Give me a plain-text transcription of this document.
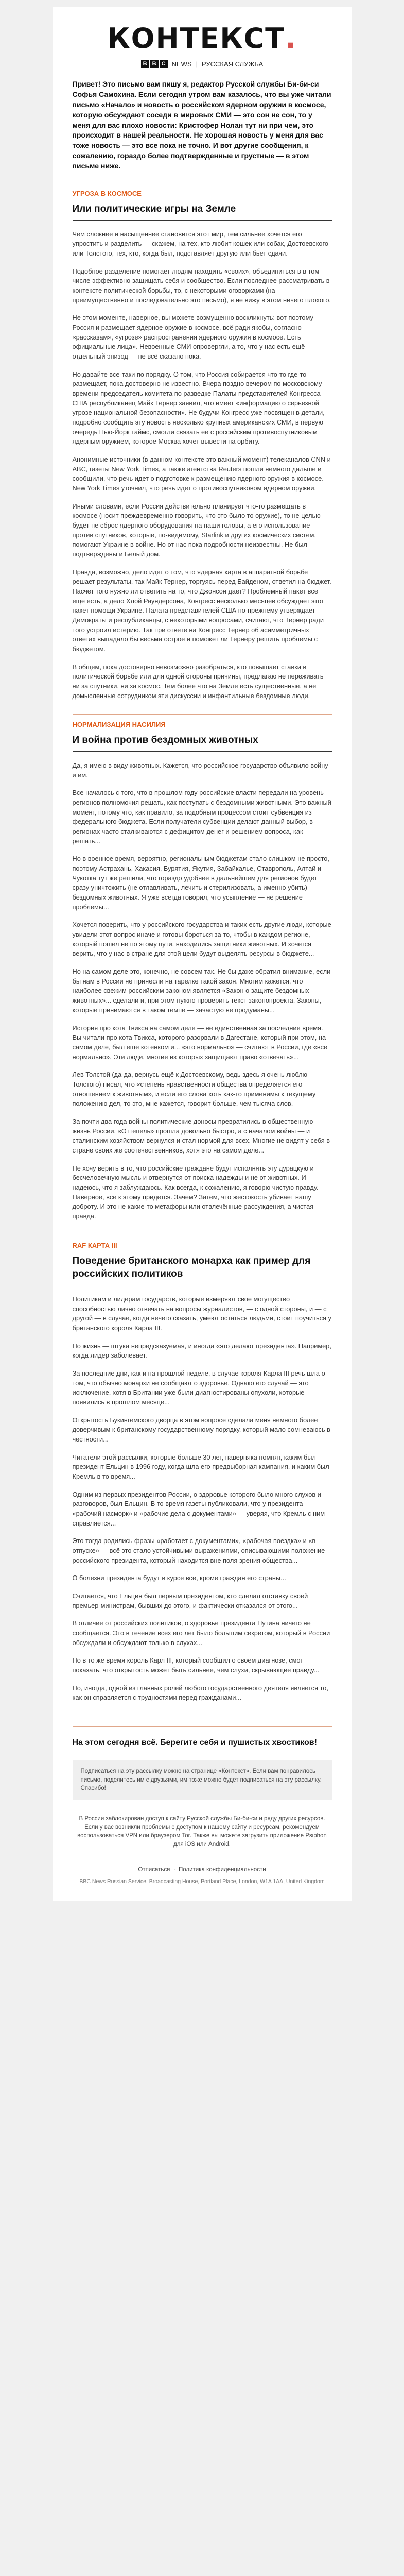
КОНТЕКСТ.
B B C NEWS | РУССКАЯ СЛУЖБА

Привет! Это письмо вам пишу я, редактор Русской службы Би-би-си Софья Самохина. Если сегодня утром вам казалось, что вы уже читали письмо «Начало» и новость о российском ядерном оружии в космосе, которую обсуждают соседи в мировых СМИ — это сон не сон, то у меня для вас плохо новости: Кристофер Нолан тут ни при чем, это происходит в нашей реальности. Не хорошая новость у меня для вас тоже новость — это все пока не точно. И вот другие сообщения, к сожалению, гораздо более подтвержденные и грустные — в этом письме ниже.

УГРОЗА В КОСМОСЕ
Или политические игры на Земле

Чем сложнее и насыщеннее становится этот мир, тем сильнее хочется его упростить и разделить — скажем, на тех, кто любит кошек или собак, Достоевского или Толстого, тех, кто, когда был, подставляет другую или бьет сдачи.

Подобное разделение помогает людям находить «своих», объединиться в в том числе эффективно защищать себя и сообщество. Если последнее рассматривать в контексте политической борьбы, то, с некоторыми оговорками (на преимущественно и последовательно это письмо), я не вижу в этом ничего плохого.

Не этом моменте, наверное, вы можете возмущенно воскликнуть: вот поэтому Россия и размещает ядерное оружие в космосе, всё ради якобы, согласно «рассказам», «угрозе» распространения ядерного оружия в космосе. Есть официальные лица». Невоенные СМИ опровергли, а то, что у нас есть ещё отдельный эпизод — не всё сказано пока.

Но давайте все-таки по порядку. О том, что Россия собирается что-то где-то размещает, пока достоверно не известно. Вчера поздно вечером по московскому времени председатель комитета по разведке Палаты представителей Конгресса США республиканец Майк Тернер заявил, что имеет «информацию о серьезной угрозе национальной безопасности». Не будучи Конгресс уже посвящен в детали, подробно сообщить эту новость несколько крупных американских СМИ, в первую очередь Нью-Йорк таймс, смогли связать ее с российским противоспутниковым ядерным оружием, которое Москва хочет вывести на орбиту.

Анонимные источники (в данном контексте это важный момент) телеканалов CNN и ABC, газеты New York Times, а также агентства Reuters пошли немного дальше и сообщили, что речь идет о подготовке к размещению ядерного оружия в космосе. New York Times уточнил, что речь идет о противоспутниковом ядерном оружии.

Иными словами, если Россия действительно планирует что-то размещать в космосе (носит преждевременно говорить, что это было то оружие), то не целью будет не сброс ядерного оборудования на наши головы, а его использование против спутников, которые, по-видимому, Starlink и других космических систем, помогают Украине в войне. Но от нас пока подробности неизвестны. Не был подтверждены и Белый дом.

Правда, возможно, дело идет о том, что ядерная карта в аппаратной борьбе решает результаты, так Майк Тернер, торгуясь перед Байденом, ответил на бюджет. Насчет того нужно ли ответить на то, что Джонсон дает? Проблемный пакет все еще есть, а дело Хлой Раундерсона, Конгресс несколько месяцев обсуждает этот пакет помощи Украине. Палата представителей США по-прежнему утверждает — Демократы и республиканцы, с некоторыми вопросами, считают, что Тернер ради того устроил истерию. Так при ответе на Конгресс Тернер об асимметричных ответах выпадало бы весьма острое и поможет ли Тернеру решить проблемы с бюджетом.

В общем, пока достоверно невозможно разобраться, кто повышает ставки в политической борьбе или для одной стороны причины, предлагаю не переживать ни за спутники, ни за космос. Тем более что на Земле есть существенные, а не домысленные сотрудником эти дискуссии и инфантильные бездомные люди.

НОРМАЛИЗАЦИЯ НАСИЛИЯ
И война против бездомных животных

Да, я имею в виду животных. Кажется, что российское государство объявило войну и им.

Все началось с того, что в прошлом году российские власти передали на уровень регионов полномочия решать, как поступать с бездомными животными. Это важный момент, потому что, как правило, за подобным процессом стоит субвенция из федерального бюджета. Если получатели субвенции делают данный выбор, в регионах часто сталкиваются с дефицитом денег и решением вопроса, как решать...

Но в военное время, вероятно, региональным бюджетам стало слишком не просто, поэтому Астрахань, Хакасия, Бурятия, Якутия, Забайкалье, Ставрополь, Алтай и Чукотка тут же решили, что гораздо удобнее в дальнейшем для регионов будет сразу уничтожить (не отлавливать, лечить и стерилизовать, а именно убить) бездомных животных. Я уже всегда говорил, что усыпление — не решение проблемы...

Хочется поверить, что у российского государства и таких есть другие люди, которые увидели этот вопрос иначе и готовы бороться за то, чтобы в каждом регионе, который пошел не по этому пути, находились защитники животных. И хочется верить, что у нас в стране для этой цели будут выделять ресурсы в бюджете...

Но на самом деле это, конечно, не совсем так. Не бы даже обратил внимание, если бы нам в России не принесли на тарелке такой закон. Многим кажется, что наиболее свежим российским законом является «Закон о защите бездомных животных»... сделали и, при этом нужно проверить текст законопроекта. Законы, которые принимаются в таком темпе — зачастую не продуманы...

История про кота Твикса на самом деле — не единственная за последние время. Вы читали про кота Твикса, которого разорвали в Дагестане, который при этом, на самом деле, был еще котенком и... «это нормально» — считают в России, где «все нормально». Эти люди, многие из которых защищают право «отвечать»...

Лев Толстой (да-да, вернусь ещё к Достоевскому, ведь здесь я очень люблю Толстого) писал, что «степень нравственности общества определяется его отношением к животным», и если его слова хоть как-то применимы к текущему положению дел, то это, мне кажется, говорит больше, чем тысяча слов.

За почти два года войны политические доносы превратились в общественную жизнь России. «Оттепель» прошла довольно быстро, а с началом войны — и сталинским хозяйством вернулся и стал нормой для всех. Многие не видят у себя в стране своих же соотечественников, хотя это на самом деле...

Не хочу верить в то, что российские граждане будут исполнять эту дурацкую и бесчеловечную мысль и отвернутся от поиска надежды и не от животных. И надеюсь, что я заблуждаюсь. Как всегда, к сожалению, я говорю чистую правду. Наверное, все к этому придется. Зачем? Затем, что жестокость убивает нашу доброту. И это не какие-то метафоры или отвлечённые рассуждения, а чистая правда.

RAF КАРТА III
Поведение британского монарха как пример для российских политиков

Политикам и лидерам государств, которые измеряют свое могущество способностью лично отвечать на вопросы журналистов, — с одной стороны, и — с другой — в случае, когда нечего сказать, умеют остаться людьми, стоит поучиться у британского короля Карла III.

Но жизнь — штука непредсказуемая, и иногда «это делают президента». Например, когда лидер заболевает.

За последние дни, как и на прошлой неделе, в случае короля Карла III речь шла о том, что обычно монархи не сообщают о здоровье. Однако его случай — это исключение, хотя в Британии уже были диагностированы опухоли, которые появились в прошлом месяце...

Открытость Букингемского дворца в этом вопросе сделала меня немного более доверчивым к британскому государственному порядку, который мало сомневаюсь в честности...

Читатели этой рассылки, которые больше 30 лет, наверняка помнят, каким был президент Ельцин в 1996 году, когда шла его предвыборная кампания, и каким был Кремль в то время...

Одним из первых президентов России, о здоровье которого было много слухов и разговоров, был Ельцин. В то время газеты публиковали, что у президента «рабочий насморк» и «рабочие дела с документами» — уверяя, что Кремль с ним справляется...

Это тогда родились фразы «работает с документами», «рабочая поездка» и «в отпуске» — всё это стало устойчивыми выражениями, описывающими положение российского президента, который находится вне поля зрения общества...

О болезни президента будут в курсе все, кроме граждан его страны...

Считается, что Ельцин был первым президентом, кто сделал отставку своей премьер-министрам, бывших до этого, и фактически отказался от этого...

В отличие от российских политиков, о здоровье президента Путина ничего не сообщается. Это в течение всех его лет было большим секретом, который в России обсуждали и обсуждают только в слухах...

Но в то же время король Карл III, который сообщил о своем диагнозе, смог показать, что открытость может быть сильнее, чем слухи, скрывающие правду...

Но, иногда, одной из главных ролей любого государственного деятеля является то, как он справляется с трудностями перед гражданами...

На этом сегодня всё. Берегите себя и пушистых хвостиков!
Подписаться на эту рассылку можно на странице «Контекст». Если вам понравилось письмо, поделитесь им с друзьями, им тоже можно будет подписаться на эту рассылку. Спасибо!
В России заблокирован доступ к сайту Русской службы Би-би-си и ряду других ресурсов. Если у вас возникли проблемы с доступом к нашему сайту и ресурсам, рекомендуем воспользоваться VPN или браузером Tor. Также вы можете загрузить приложение Psiphon для iOS или Android.
Отписаться  ·  Политика конфиденциальности
BBC News Russian Service, Broadcasting House, Portland Place, London, W1A 1AA, United Kingdom
